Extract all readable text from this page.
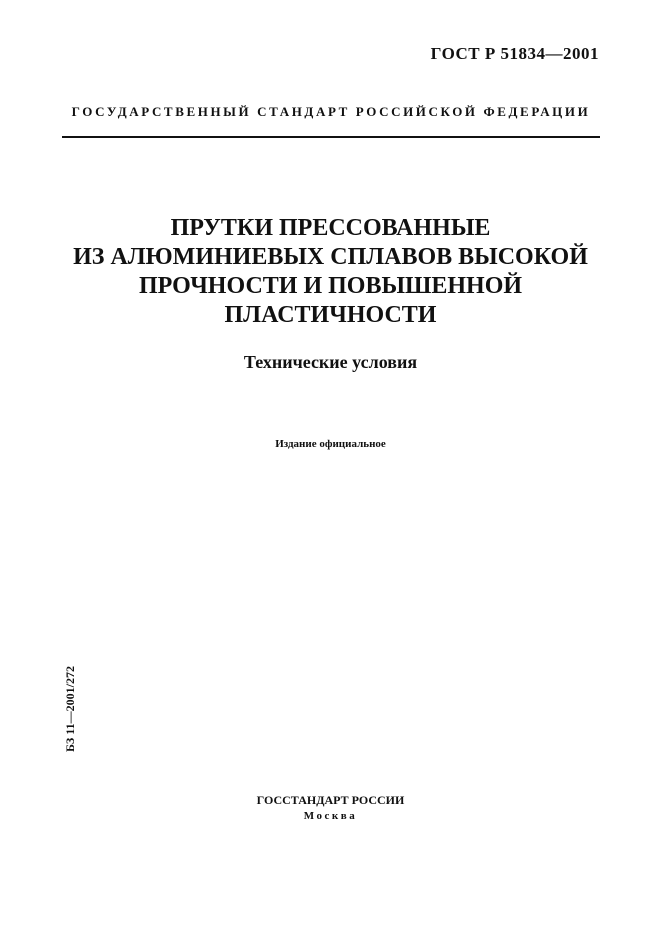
ГОСТ Р 51834—2001
ГОСУДАРСТВЕННЫЙ СТАНДАРТ РОССИЙСКОЙ ФЕДЕРАЦИИ
ПРУТКИ ПРЕССОВАННЫЕ
ИЗ АЛЮМИНИЕВЫХ СПЛАВОВ ВЫСОКОЙ
ПРОЧНОСТИ И ПОВЫШЕННОЙ
ПЛАСТИЧНОСТИ
Технические условия
Издание официальное
БЗ 11—2001/272
ГОССТАНДАРТ РОССИИ
Москва
